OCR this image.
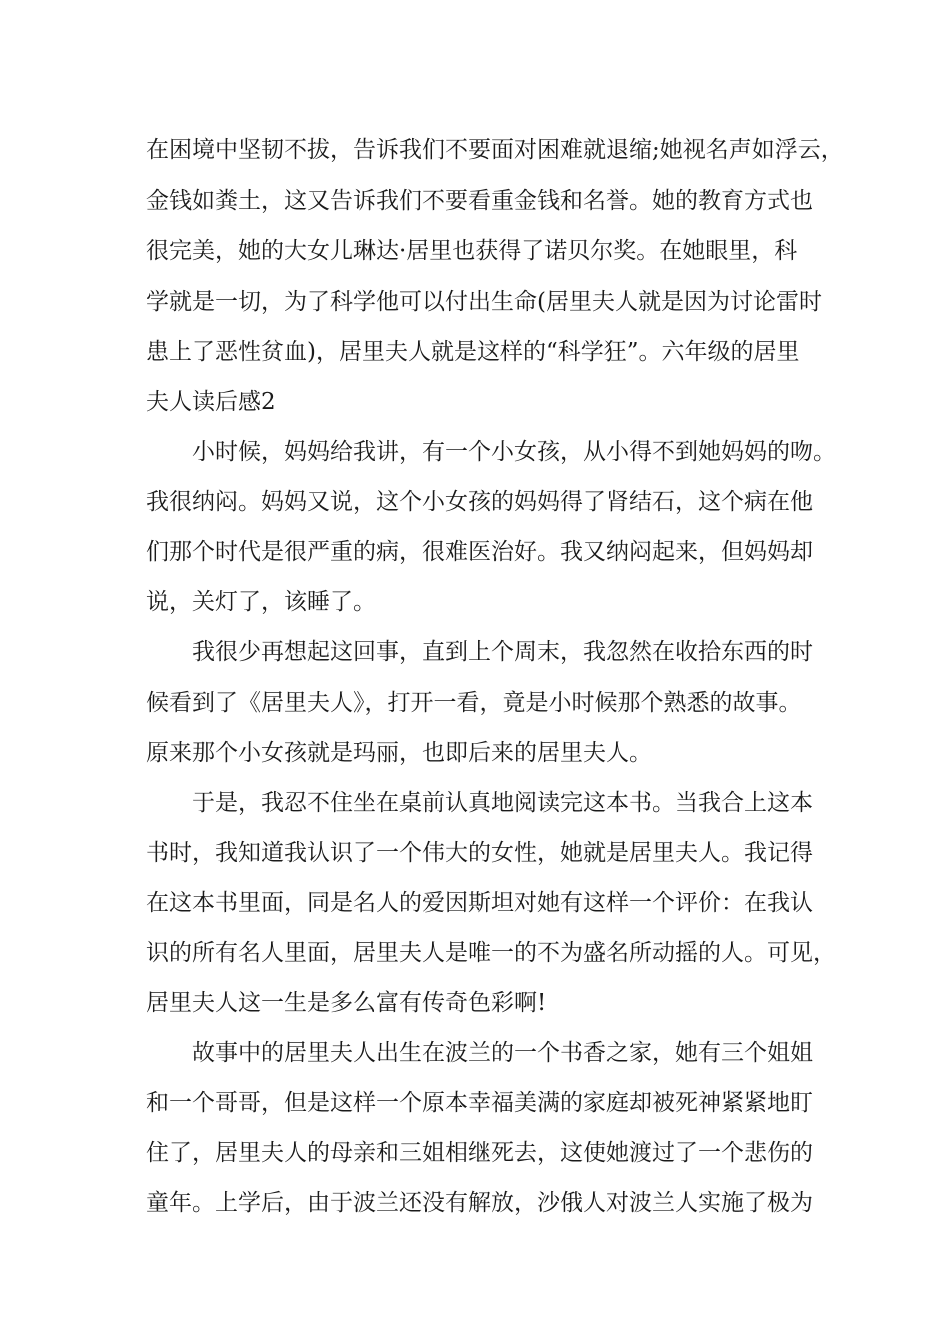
在困境中坚韧不拔，告诉我们不要面对困难就退缩;她视名声如浮云，
金钱如粪土，这又告诉我们不要看重金钱和名誉。她的教育方式也
很完美，她的大女儿琳达·居里也获得了诺贝尔奖。在她眼里，科
学就是一切，为了科学他可以付出生命(居里夫人就是因为讨论雷时
患上了恶性贫血)，居里夫人就是这样的“科学狂”。六年级的居里
夫人读后感2
小时候，妈妈给我讲，有一个小女孩，从小得不到她妈妈的吻。
我很纳闷。妈妈又说，这个小女孩的妈妈得了肾结石，这个病在他
们那个时代是很严重的病，很难医治好。我又纳闷起来，但妈妈却
说，关灯了，该睡了。
我很少再想起这回事，直到上个周末，我忽然在收拾东西的时
候看到了《居里夫人》，打开一看，竟是小时候那个熟悉的故事。
原来那个小女孩就是玛丽，也即后来的居里夫人。
于是，我忍不住坐在桌前认真地阅读完这本书。当我合上这本
书时，我知道我认识了一个伟大的女性，她就是居里夫人。我记得
在这本书里面，同是名人的爱因斯坦对她有这样一个评价：在我认
识的所有名人里面，居里夫人是唯一的不为盛名所动摇的人。可见，
居里夫人这一生是多么富有传奇色彩啊!
故事中的居里夫人出生在波兰的一个书香之家，她有三个姐姐
和一个哥哥，但是这样一个原本幸福美满的家庭却被死神紧紧地盯
住了，居里夫人的母亲和三姐相继死去，这使她渡过了一个悲伤的
童年。上学后，由于波兰还没有解放，沙俄人对波兰人实施了极为
